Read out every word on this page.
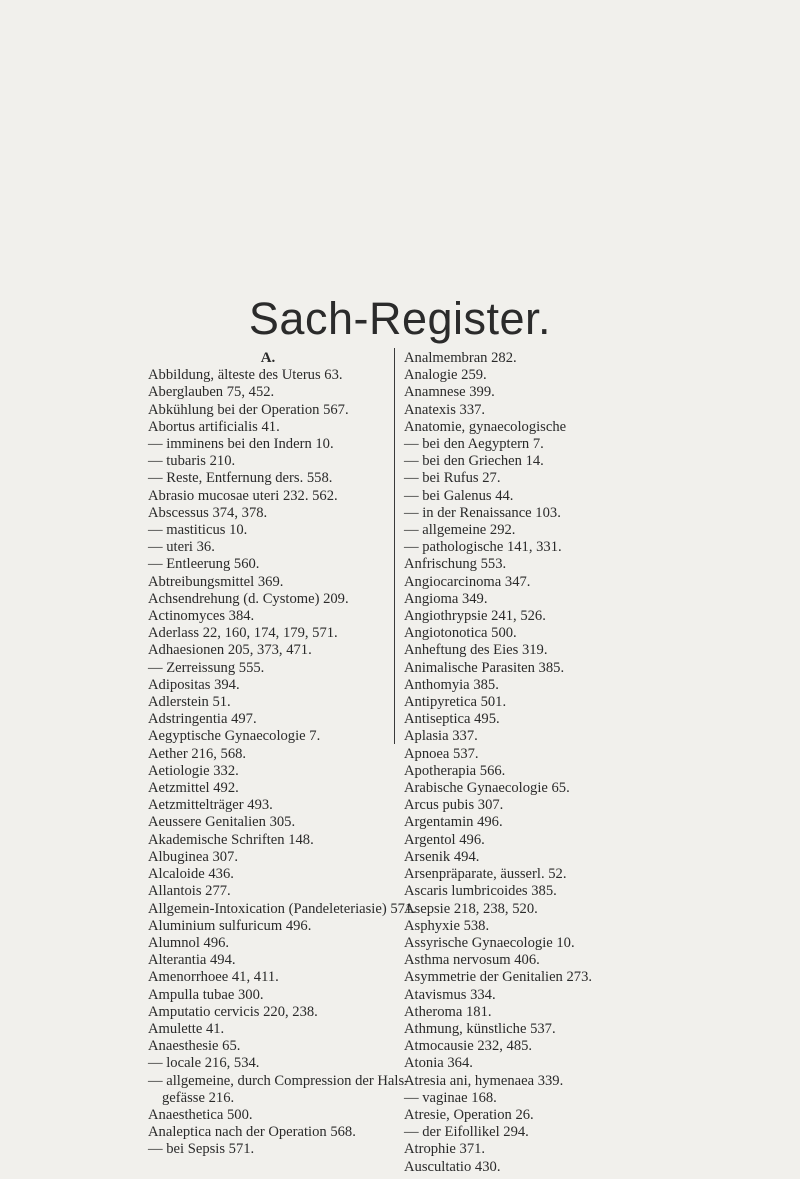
Sach-Register.
A.
Abbildung, älteste des Uterus 63.
Aberglauben 75, 452.
Abkühlung bei der Operation 567.
Abortus artificialis 41.
— imminens bei den Indern 10.
— tubaris 210.
— Reste, Entfernung ders. 558.
Abrasio mucosae uteri 232. 562.
Abscessus 374, 378.
— mastiticus 10.
— uteri 36.
— Entleerung 560.
Abtreibungsmittel 369.
Achsendrehung (d. Cystome) 209.
Actinomyces 384.
Aderlass 22, 160, 174, 179, 571.
Adhaesionen 205, 373, 471.
— Zerreissung 555.
Adipositas 394.
Adlerstein 51.
Adstringentia 497.
Aegyptische Gynaecologie 7.
Aether 216, 568.
Aetiologie 332.
Aetzmittel 492.
Aetzmittelträger 493.
Aeussere Genitalien 305.
Akademische Schriften 148.
Albuginea 307.
Alcaloide 436.
Allantois 277.
Allgemein-Intoxication (Pandeleteriasie) 571.
Aluminium sulfuricum 496.
Alumnol 496.
Alterantia 494.
Amenorrhoee 41, 411.
Ampulla tubae 300.
Amputatio cervicis 220, 238.
Amulette 41.
Anaesthesie 65.
— locale 216, 534.
— allgemeine, durch Compression der Hals-
gefässe 216.
Anaesthetica 500.
Analeptica nach der Operation 568.
— bei Sepsis 571.
Analmembran 282.
Analogie 259.
Anamnese 399.
Anatexis 337.
Anatomie, gynaecologische
— bei den Aegyptern 7.
— bei den Griechen 14.
— bei Rufus 27.
— bei Galenus 44.
— in der Renaissance 103.
— allgemeine 292.
— pathologische 141, 331.
Anfrischung 553.
Angiocarcinoma 347.
Angioma 349.
Angiothrypsie 241, 526.
Angiotonotica 500.
Anheftung des Eies 319.
Animalische Parasiten 385.
Anthomyia 385.
Antipyretica 501.
Antiseptica 495.
Aplasia 337.
Apnoea 537.
Apotherapia 566.
Arabische Gynaecologie 65.
Arcus pubis 307.
Argentamin 496.
Argentol 496.
Arsenik 494.
Arsenpräparate, äusserl. 52.
Ascaris lumbricoides 385.
Asepsie 218, 238, 520.
Asphyxie 538.
Assyrische Gynaecologie 10.
Asthma nervosum 406.
Asymmetrie der Genitalien 273.
Atavismus 334.
Atheroma 181.
Athmung, künstliche 537.
Atmocausie 232, 485.
Atonia 364.
Atresia ani, hymenaea 339.
— vaginae 168.
Atresie, Operation 26.
— der Eifollikel 294.
Atrophie 371.
Auscultatio 430.
